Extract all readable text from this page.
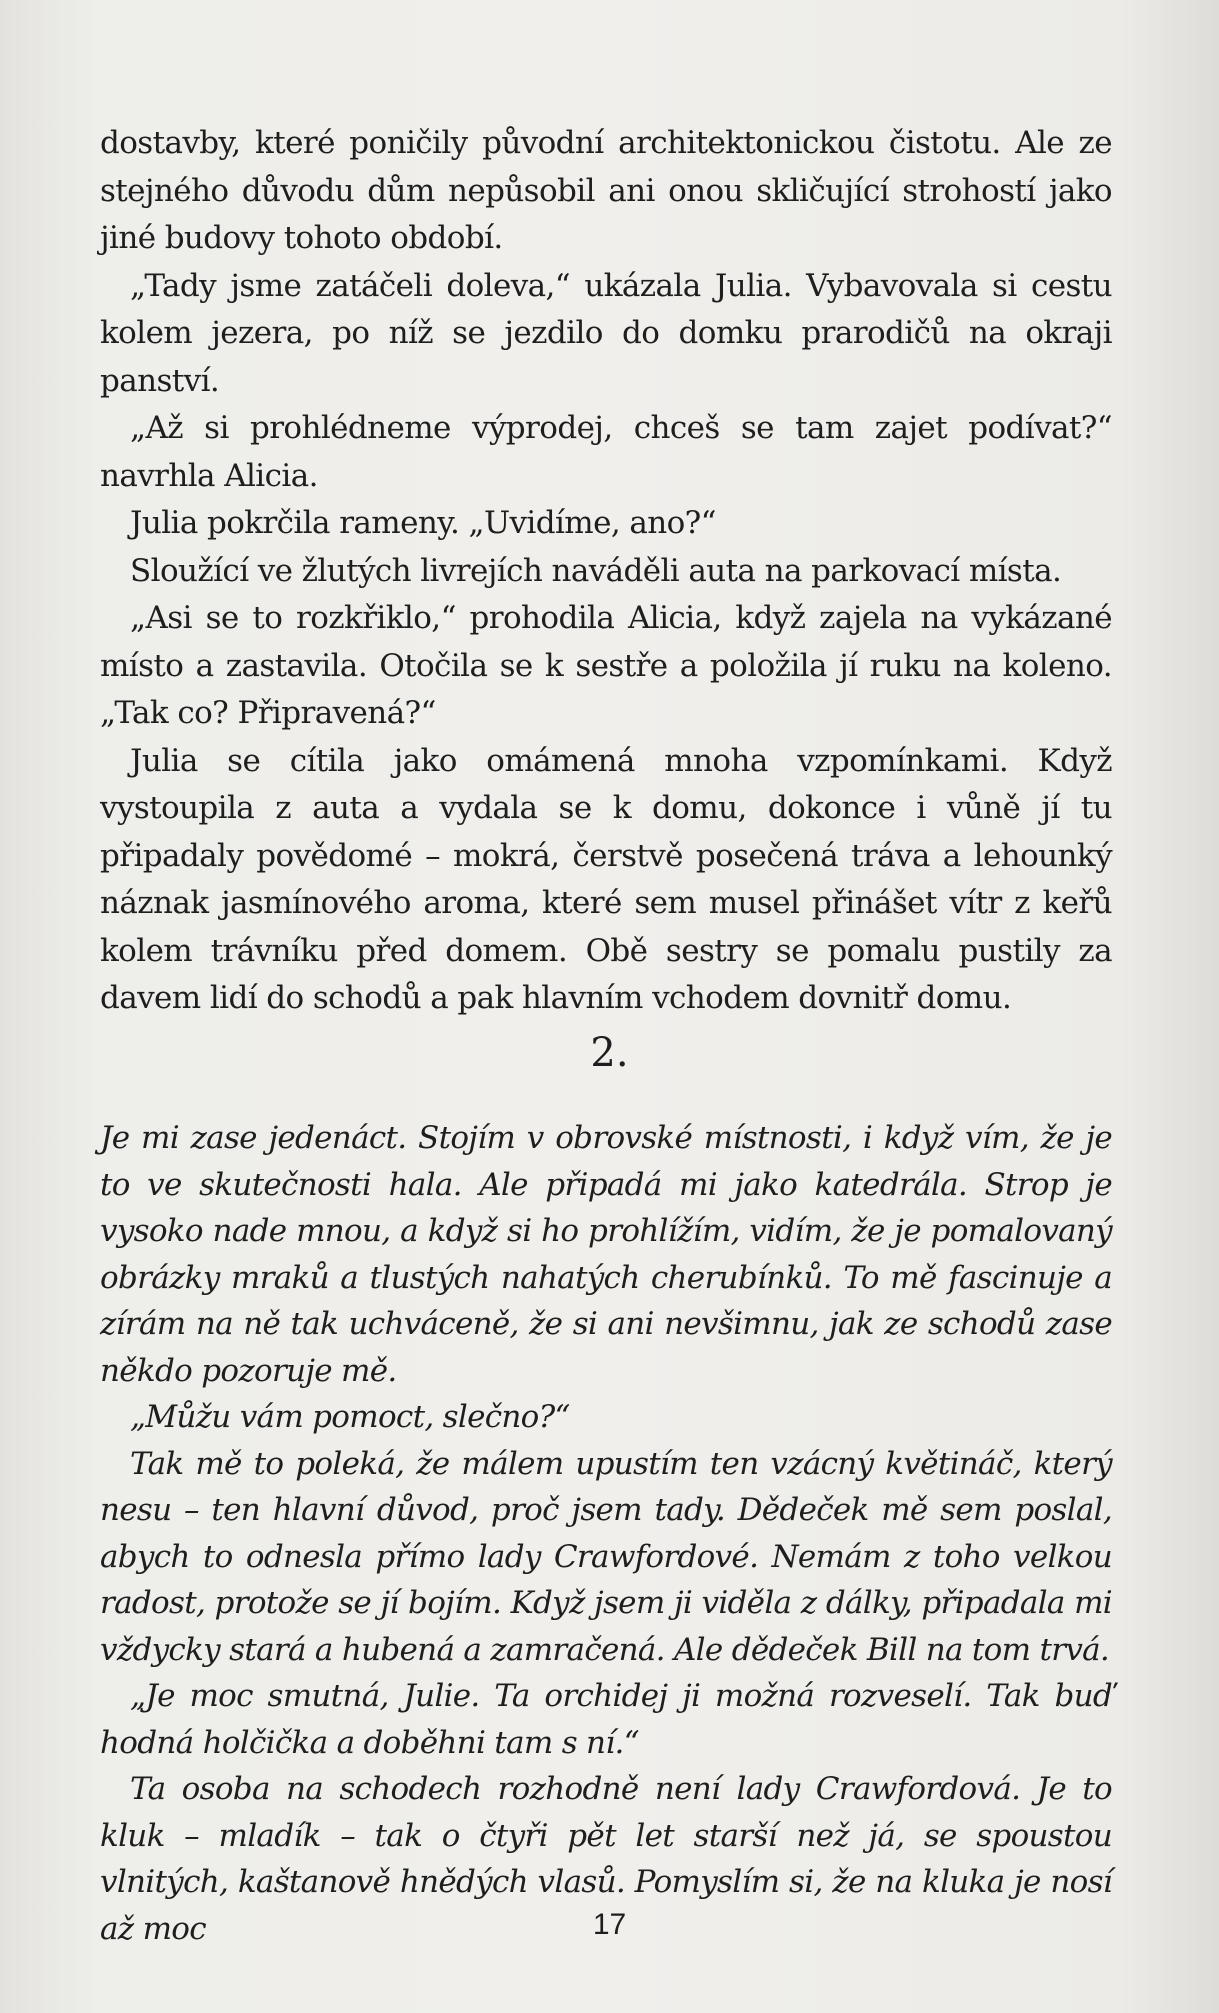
dostavby, které poničily původní architektonickou čistotu. Ale ze stejného důvodu dům nepůsobil ani onou skličující strohostí jako jiné budovy tohoto období.

„Tady jsme zatáčeli doleva,“ ukázala Julia. Vybavovala si cestu kolem jezera, po níž se jezdilo do domku prarodičů na okraji panství.

„Až si prohlédneme výprodej, chceš se tam zajet podívat?“ navrhla Alicia.

Julia pokrčila rameny. „Uvidíme, ano?“

Sloužící ve žlutých livrejích naváděli auta na parkovací místa.

„Asi se to rozkřiklo,“ prohodila Alicia, když zajela na vykázané místo a zastavila. Otočila se k sestře a položila jí ruku na koleno. „Tak co? Připravená?“

Julia se cítila jako omámená mnoha vzpomínkami. Když vystoupila z auta a vydala se k domu, dokonce i vůně jí tu připadaly povědomé – mokrá, čerstvě posečená tráva a lehounký náznak jasmínového aroma, které sem musel přinášet vítr z keřů kolem trávníku před domem. Obě sestry se pomalu pustily za davem lidí do schodů a pak hlavním vchodem dovnitř domu.

2.

Je mi zase jedenáct. Stojím v obrovské místnosti, i když vím, že je to ve skutečnosti hala. Ale připadá mi jako katedrála. Strop je vysoko nade mnou, a když si ho prohlížím, vidím, že je pomalovaný obrázky mraků a tlustých nahatých cherubínků. To mě fascinuje a zírám na ně tak uchváceně, že si ani nevšimnu, jak ze schodů zase někdo pozoruje mě.

„Můžu vám pomoct, slečno?“

Tak mě to poleká, že málem upustím ten vzácný květináč, který nesu – ten hlavní důvod, proč jsem tady. Dědeček mě sem poslal, abych to odnesla přímo lady Crawfordové. Nemám z toho velkou radost, protože se jí bojím. Když jsem ji viděla z dálky, připadala mi vždycky stará a hubená a zamračená. Ale dědeček Bill na tom trvá.

„Je moc smutná, Julie. Ta orchidej ji možná rozveselí. Tak buď hodná holčička a doběhni tam s ní.“

Ta osoba na schodech rozhodně není lady Crawfordová. Je to kluk – mladík – tak o čtyři pět let starší než já, se spoustou vlnitých, kaštanově hnědých vlasů. Pomyslím si, že na kluka je nosí až moc	17
